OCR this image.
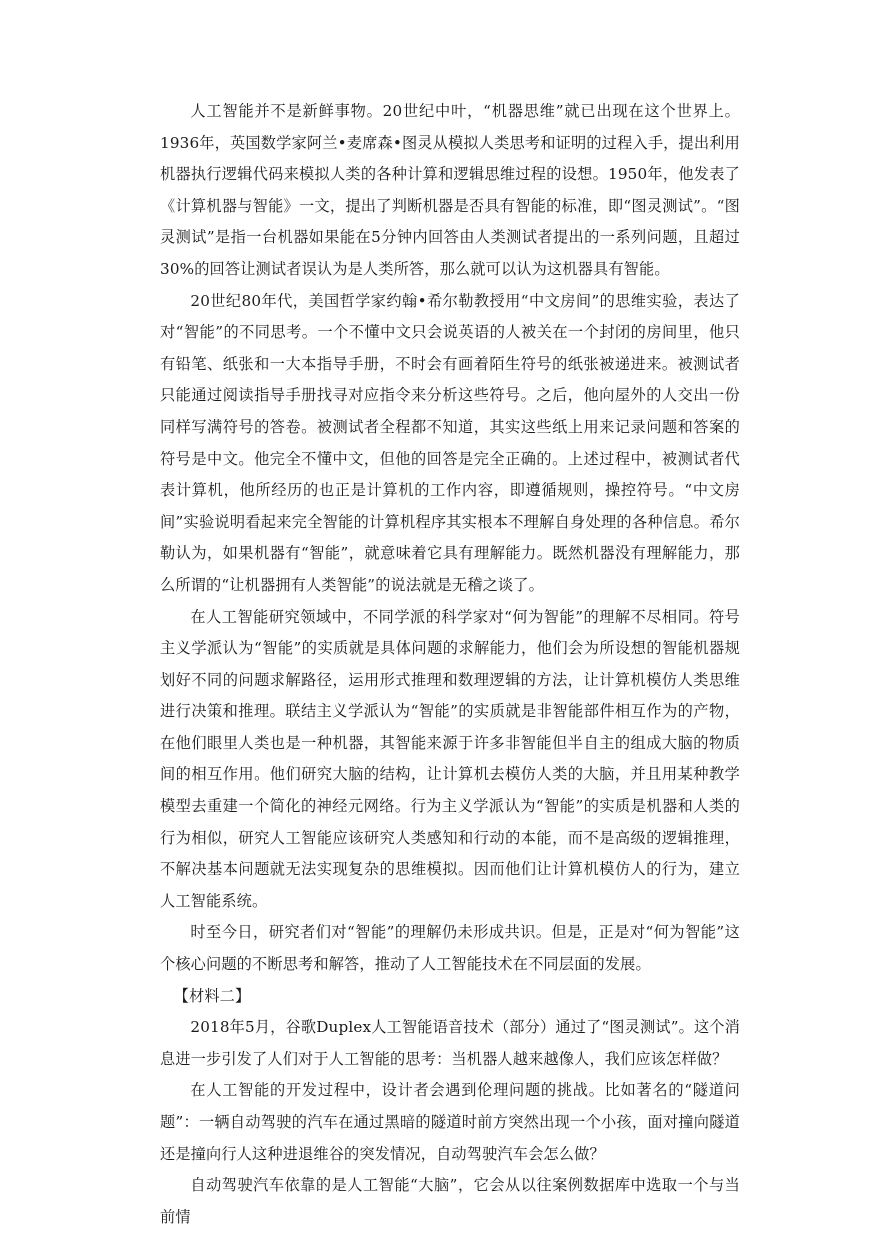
人工智能并不是新鲜事物。20世纪中叶，“机器思维”就已出现在这个世界上。1936年，英国数学家阿兰•麦席森•图灵从模拟人类思考和证明的过程入手，提出利用机器执行逻辑代码来模拟人类的各种计算和逻辑思维过程的设想。1950年，他发表了《计算机器与智能》一文，提出了判断机器是否具有智能的标准，即“图灵测试”。“图灵测试”是指一台机器如果能在5分钟内回答由人类测试者提出的一系列问题，且超过30%的回答让测试者误认为是人类所答，那么就可以认为这机器具有智能。

20世纪80年代，美国哲学家约翰•希尔勒教授用“中文房间”的思维实验，表达了对“智能”的不同思考。一个不懂中文只会说英语的人被关在一个封闭的房间里，他只有铅笔、纸张和一大本指导手册，不时会有画着陌生符号的纸张被递进来。被测试者只能通过阅读指导手册找寻对应指令来分析这些符号。之后，他向屋外的人交出一份同样写满符号的答卷。被测试者全程都不知道，其实这些纸上用来记录问题和答案的符号是中文。他完全不懂中文，但他的回答是完全正确的。上述过程中，被测试者代表计算机，他所经历的也正是计算机的工作内容，即遵循规则，操控符号。“中文房间”实验说明看起来完全智能的计算机程序其实根本不理解自身处理的各种信息。希尔勒认为，如果机器有“智能”，就意味着它具有理解能力。既然机器没有理解能力，那么所谓的“让机器拥有人类智能”的说法就是无稽之谈了。

在人工智能研究领域中，不同学派的科学家对“何为智能”的理解不尽相同。符号主义学派认为“智能”的实质就是具体问题的求解能力，他们会为所设想的智能机器规划好不同的问题求解路径，运用形式推理和数理逻辑的方法，让计算机模仿人类思维进行决策和推理。联结主义学派认为“智能”的实质就是非智能部件相互作为的产物，在他们眼里人类也是一种机器，其智能来源于许多非智能但半自主的组成大脑的物质间的相互作用。他们研究大脑的结构，让计算机去模仿人类的大脑，并且用某种教学模型去重建一个简化的神经元网络。行为主义学派认为“智能”的实质是机器和人类的行为相似，研究人工智能应该研究人类感知和行动的本能，而不是高级的逻辑推理，不解决基本问题就无法实现复杂的思维模拟。因而他们让计算机模仿人的行为，建立人工智能系统。

时至今日，研究者们对“智能”的理解仍未形成共识。但是，正是对“何为智能”这个核心问题的不断思考和解答，推动了人工智能技术在不同层面的发展。

【材料二】

2018年5月，谷歌Duplex人工智能语音技术（部分）通过了“图灵测试”。这个消息进一步引发了人们对于人工智能的思考：当机器人越来越像人，我们应该怎样做？

在人工智能的开发过程中，设计者会遇到伦理问题的挑战。比如著名的“隧道问题”：一辆自动驾驶的汽车在通过黑暗的隧道时前方突然出现一个小孩，面对撞向隧道还是撞向行人这种进退维谷的突发情况，自动驾驶汽车会怎么做？

自动驾驶汽车依靠的是人工智能“大脑”，它会从以往案例数据库中选取一个与当前情
